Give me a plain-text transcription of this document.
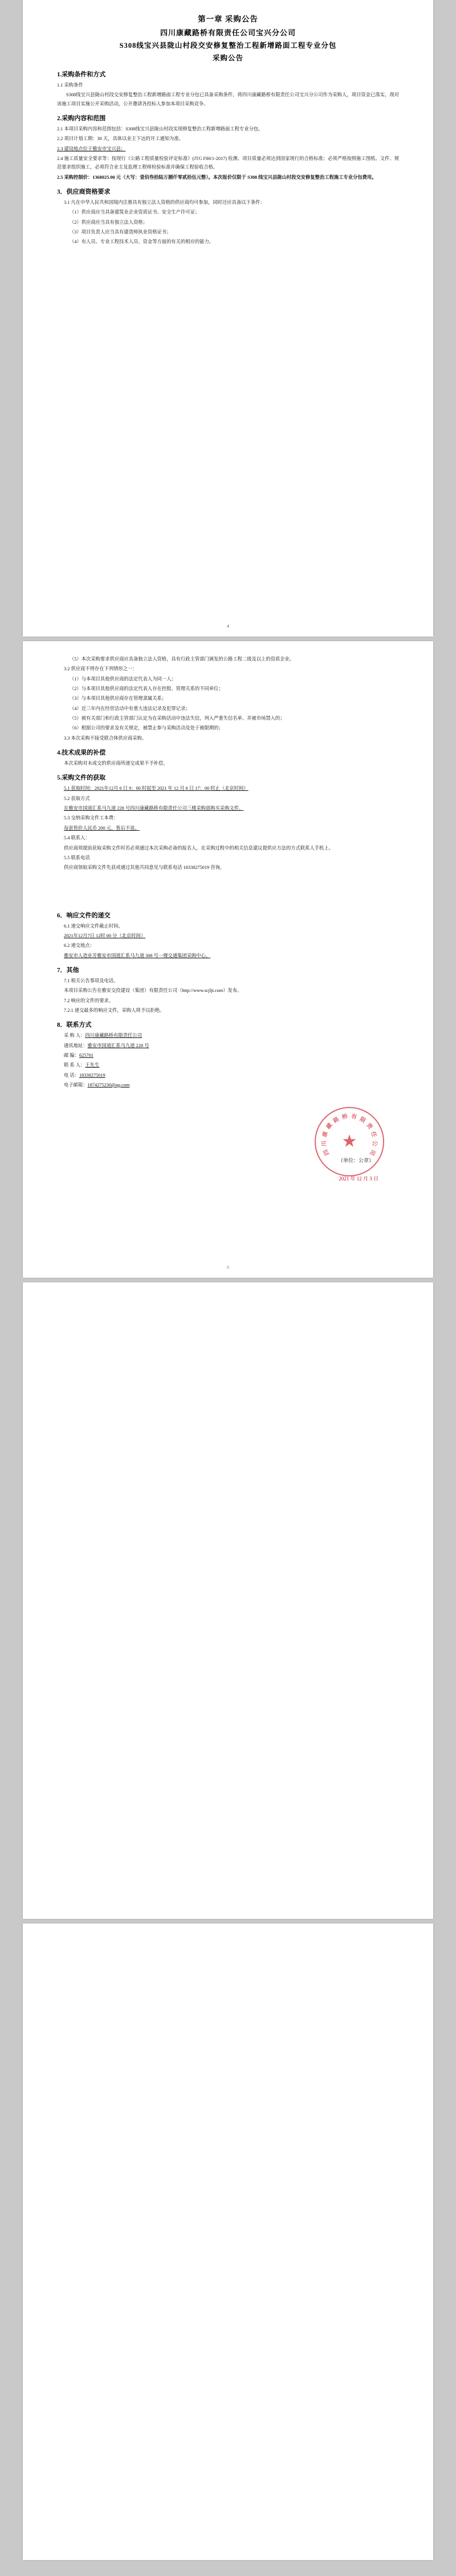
第一章 采购公告
四川康藏路桥有限责任公司宝兴分公司
S308线宝兴县陇山村段交安修复整治工程新增路面工程专业分包
采购公告
1.采购条件和方式

1.1 采购条件

S308线宝兴县陇山村段交安修复整治工程新增路面工程专业分包已具备采购条件，将四川康藏路桥有限责任公司宝兴分公司作为采购人，项目资金已落实，现对该施工项目实施公开采购活动，公开邀请各投标人参加本项目采购竞争。

2.采购内容和范围

2.1 本项目采购内容和范围包括：S308线宝兴县陇山村段实现修复整治工程新增路面工程专业分包。

2.2 项目计划工期：30 天，具体以业主下达的开工通知为准。

2.3 建设地点位于雅安市宝兴县；

2.4 施工质量安全要求等：按现行《公路工程质量检验评定标准》(JTG F80/1-2017) 检测、项目质量必须达到国家现行的合格标准；必须严格按照施工图纸、文件、规范要求组织施工，必须符合业主及监理工程师检验标准并确保工程验收合格。

2.5 采购控制价：1368025.00 元（大写：壹佰叁拾陆万捌仟零贰拾伍元整）。本次报价仅限于 S308 线宝兴县陇山村段交安修复整治工程施工专业分包费用。

3．供应商资格要求

3.1 凡在中华人民共和国境内注册具有独立法人资格的供应商均可参加，同时还应具备以下条件：

（1）供应商应当具备建筑业企业资质证书、安全生产许可证；

（2）供应商应当具有独立法人资格；

（3）项目负责人应当具有建造师执业资格证书；

（4）有人员、专业工程技术人员、资金等方面的有关的相应的能力。

4

（5）本次采购要求供应商应具备独立法人资格，具有行政主管部门颁发的公路工程二级及以上的资质企业。

3.2 供应商不得存在下列情形之一：

（1）与本项目其他供应商的法定代表人为同一人；

（2）与本项目其他供应商的法定代表人存在控股、管理关系的不同单位；

（3）与本项目其他供应商存在管理隶属关系；

（4）近三年内在经营活动中有重大违法记录及犯罪记录；

（5）被有关部门和行政主管部门认定为在采购活动中违法失信，列入严重失信名单、并被市场禁入的；

（6）根据公司的要求及有关规定，被禁止参与采购活动及处于被限期的；

3.3 本次采购不接受联合体供应商采购。

4.技术成果的补偿

本次采购对未成交的供应商所递交成果不予补偿。

5.采购文件的获取

5.1 获取时间：2021年12月 6 日 9：00 时起至 2021 年 12 月 6 日 17：00 时止（北京时间）

5.2 获取方式

在雅安市国道汇系马九道 228 号四川康藏路桥有限责任公司三楼采购部购买采购文件。

5.3 交纳采购文件工本费：

每套售价人民币 200 元，售后不退。

5.4 联系人：

供应商须提前获取采购文件时若必须通过本次采购必备的报名人，在采购过程中的相关信息建议提供应方法的方式联系人手机上。

5.5 联系电话

供应商领取采购文件先获或通过其他共同意见与联系电话 18338275019 咨询。

6．响应文件的递交

6.1 递交响应文件截止时间。

2021年12月7日 12时 00 分（北京时间）

6.2 递交地点：

雅安市人造业芳雅安市国道汇系马九道 308 号一楼交通集团采购中心。

7．其他

7.1 相关公告事项及电话。

本项目采购公告在雅安交投建设（集团）有限责任公司（http://www.scjljt.com）发布。

7.2 响应的文件的要求。

7.2.1 递交最多的响应文件，采购人将予以拒绝。

8．联系方式

采 购 人：四川康藏路桥有限责任公司

通讯地址：雅安市国道汇系马九道 228 号

邮 编：625701

联 系 人：王先生

电 话：18338275019

电子邮箱：1874275230@qq.com

（单位：公章）
2021 年 12 月 3 日
★
四
川
康
藏
路 桥 有 限
责
任
公
司
5
